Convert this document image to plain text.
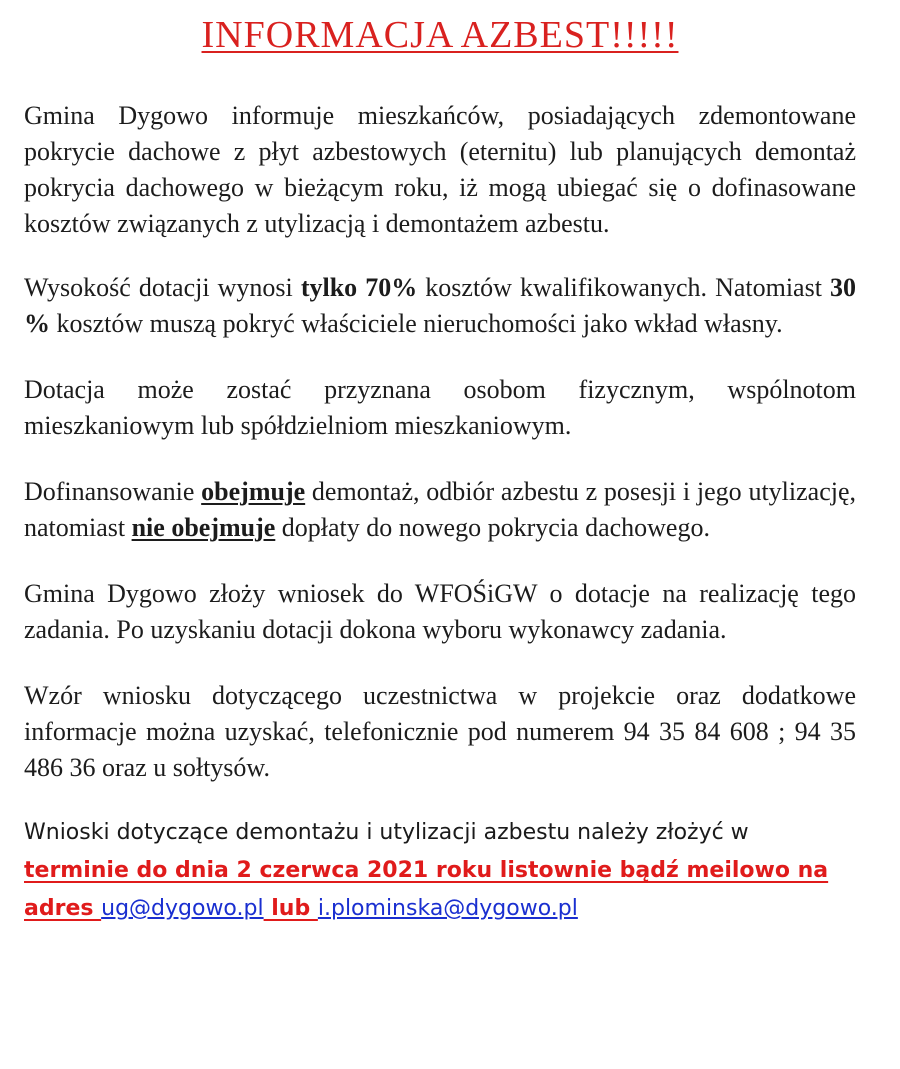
INFORMACJA AZBEST!!!!!

Gmina Dygowo informuje mieszkańców, posiadających zdemontowane pokrycie dachowe z płyt azbestowych (eternitu) lub planujących demontaż pokrycia dachowego w bieżącym roku, iż mogą ubiegać się o dofinasowane kosztów związanych z utylizacją i demontażem azbestu.

Wysokość dotacji wynosi tylko 70% kosztów kwalifikowanych. Natomiast 30 % kosztów muszą pokryć właściciele nieruchomości jako wkład własny.

Dotacja może zostać przyznana osobom fizycznym, wspólnotom mieszkaniowym lub spółdzielniom mieszkaniowym.

Dofinansowanie obejmuje demontaż, odbiór azbestu z posesji i jego utylizację, natomiast nie obejmuje dopłaty do nowego pokrycia dachowego.

Gmina Dygowo złoży wniosek do WFOŚiGW o dotacje na realizację tego zadania. Po uzyskaniu dotacji dokona wyboru wykonawcy zadania.

Wzór wniosku dotyczącego uczestnictwa w projekcie oraz dodatkowe informacje można uzyskać, telefonicznie pod numerem 94 35 84 608 ; 94 35 486 36 oraz u sołtysów.

Wnioski dotyczące demontażu i utylizacji azbestu należy złożyć w
terminie do dnia 2 czerwca 2021 roku listownie bądź meilowo na
adres ug@dygowo.pl lub i.plominska@dygowo.pl
